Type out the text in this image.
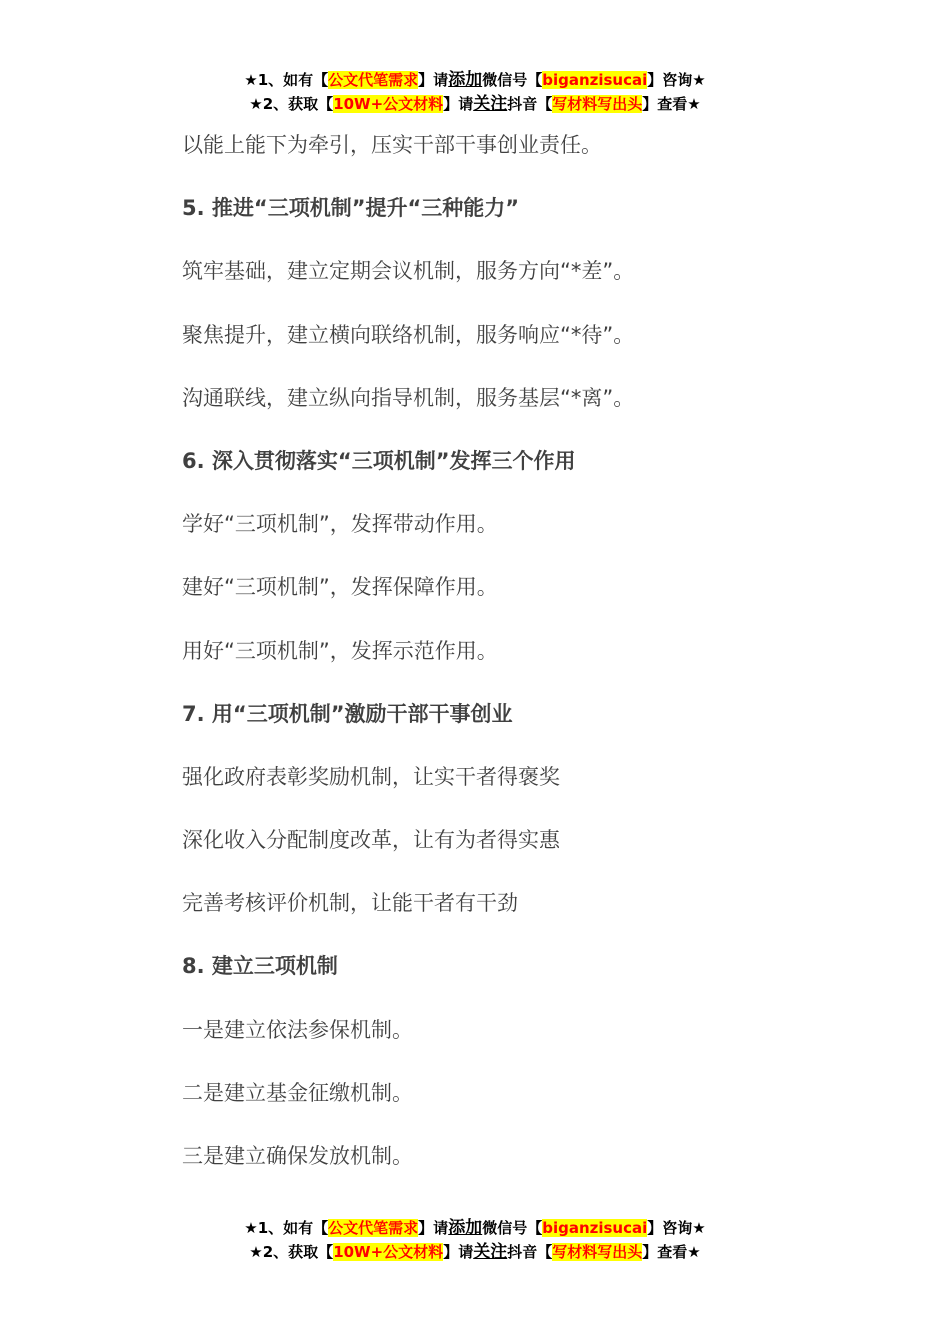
★1、如有【公文代笔需求】请添加微信号【biganzisucai】咨询★
★2、获取【10W+公文材料】请关注抖音【写材料写出头】查看★
以能上能下为牵引，压实干部干事创业责任。
5. 推进“三项机制”提升“三种能力”
筑牢基础，建立定期会议机制，服务方向“*差”。
聚焦提升，建立横向联络机制，服务响应“*待”。
沟通联线，建立纵向指导机制，服务基层“*离”。
6. 深入贯彻落实“三项机制”发挥三个作用
学好“三项机制”，发挥带动作用。
建好“三项机制”，发挥保障作用。
用好“三项机制”，发挥示范作用。
7. 用“三项机制”激励干部干事创业
强化政府表彰奖励机制，让实干者得褒奖
深化收入分配制度改革，让有为者得实惠
完善考核评价机制，让能干者有干劲
8. 建立三项机制
一是建立依法参保机制。
二是建立基金征缴机制。
三是建立确保发放机制。
★1、如有【公文代笔需求】请添加微信号【biganzisucai】咨询★
★2、获取【10W+公文材料】请关注抖音【写材料写出头】查看★
